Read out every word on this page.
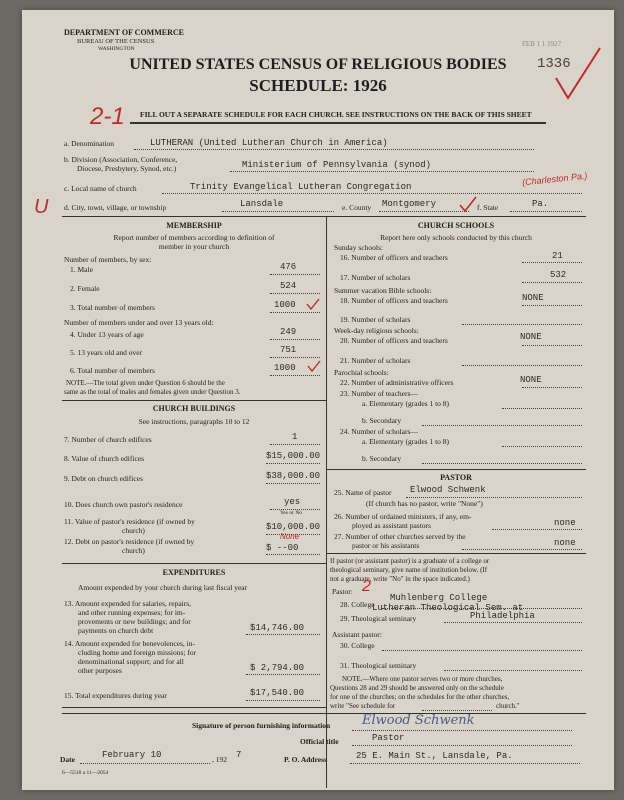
DEPARTMENT OF COMMERCE
BUREAU OF THE CENSUS
WASHINGTON
FEB 1 1 1927
1336
UNITED STATES CENSUS OF RELIGIOUS BODIES
SCHEDULE: 1926
2-1 FILL OUT A SEPARATE SCHEDULE FOR EACH CHURCH. SEE INSTRUCTIONS ON THE BACK OF THIS SHEET
a. Denomination	LUTHERAN (United Lutheran Church in America)
b. Division (Association, Conference,
Diocese, Presbytery, Synod, etc.)	Ministerium of Pennsylvania (synod)
c. Local name of church	Trinity Evangelical Lutheran Congregation	(Charleston Pa.)
U d. City, town, village, or township	Lansdale	e. County Montgomery	f. State	Pa.
MEMBERSHIP
Report number of members according to definition of
member in your church
Number of members, by sex:
1. Male	476
2. Female	524
3. Total number of members	1000
Number of members under and over 13 years old:
4. Under 13 years of age	249
5. 13 years old and over	751
6. Total number of members	1000
NOTE.—The total given under Question 6 should be the
same as the total of males and females given under Question 3.
CHURCH BUILDINGS
See instructions, paragraphs 10 to 12
7. Number of church edifices	1
8. Value of church edifices	$15,000.00
9. Debt on church edifices	$38,000.00
10. Does church own pastor's residence	yes
Yes or No
11. Value of pastor's residence (if owned by
church)	$10,000.00
12. Debt on pastor's residence (if owned by
church)	$ --00
None
EXPENDITURES
Amount expended by your church during last fiscal year
13. Amount expended for salaries, repairs,
and other running expenses; for im-
provements or new buildings; and for
payments on church debt	$14,746.00
14. Amount expended for benevolences, in-
cluding home and foreign missions; for
denominational support; and for all
other purposes	$ 2,794.00
15. Total expenditures during year	$17,540.00
CHURCH SCHOOLS
Report here only schools conducted by this church
Sunday schools:
16. Number of officers and teachers	21
17. Number of scholars	532
Summer vacation Bible schools:
18. Number of officers and teachers	NONE
19. Number of scholars
Week-day religious schools:
20. Number of officers and teachers	NONE
21. Number of scholars
Parochial schools:
22. Number of administrative officers	NONE
23. Number of teachers—
a. Elementary (grades 1 to 8)
b. Secondary
24. Number of scholars—
a. Elementary (grades 1 to 8)
b. Secondary
PASTOR
25. Name of pastor Elwood Schwenk
(If church has no pastor, write "None")
26. Number of ordained ministers, if any, em-
ployed as assistant pastors	none
27. Number of other churches served by the
pastor or his assistants	none
If pastor (or assistant pastor) is a graduate of a college or
theological seminary, give name of institution below. (If
not a graduate, write "No" in the space indicated.)
Pastor: 2
28. College
Muhlenberg College
Lutheran Theological Sem. at
29. Theological seminary	Philadelphia
Assistant pastor:
30. College
31. Theological seminary
NOTE.—Where one pastor serves two or more churches,
Questions 28 and 29 should be answered only on the schedule
for one of the churches; on the schedules for the other churches,
write "See schedule for	church."
Signature of person furnishing information Elwood Schwenk
Official title	Pastor
Date	February 10	, 192 7	P. O. Address	25 E. Main St., Lansdale, Pa.
6—5518 a 11—2054
